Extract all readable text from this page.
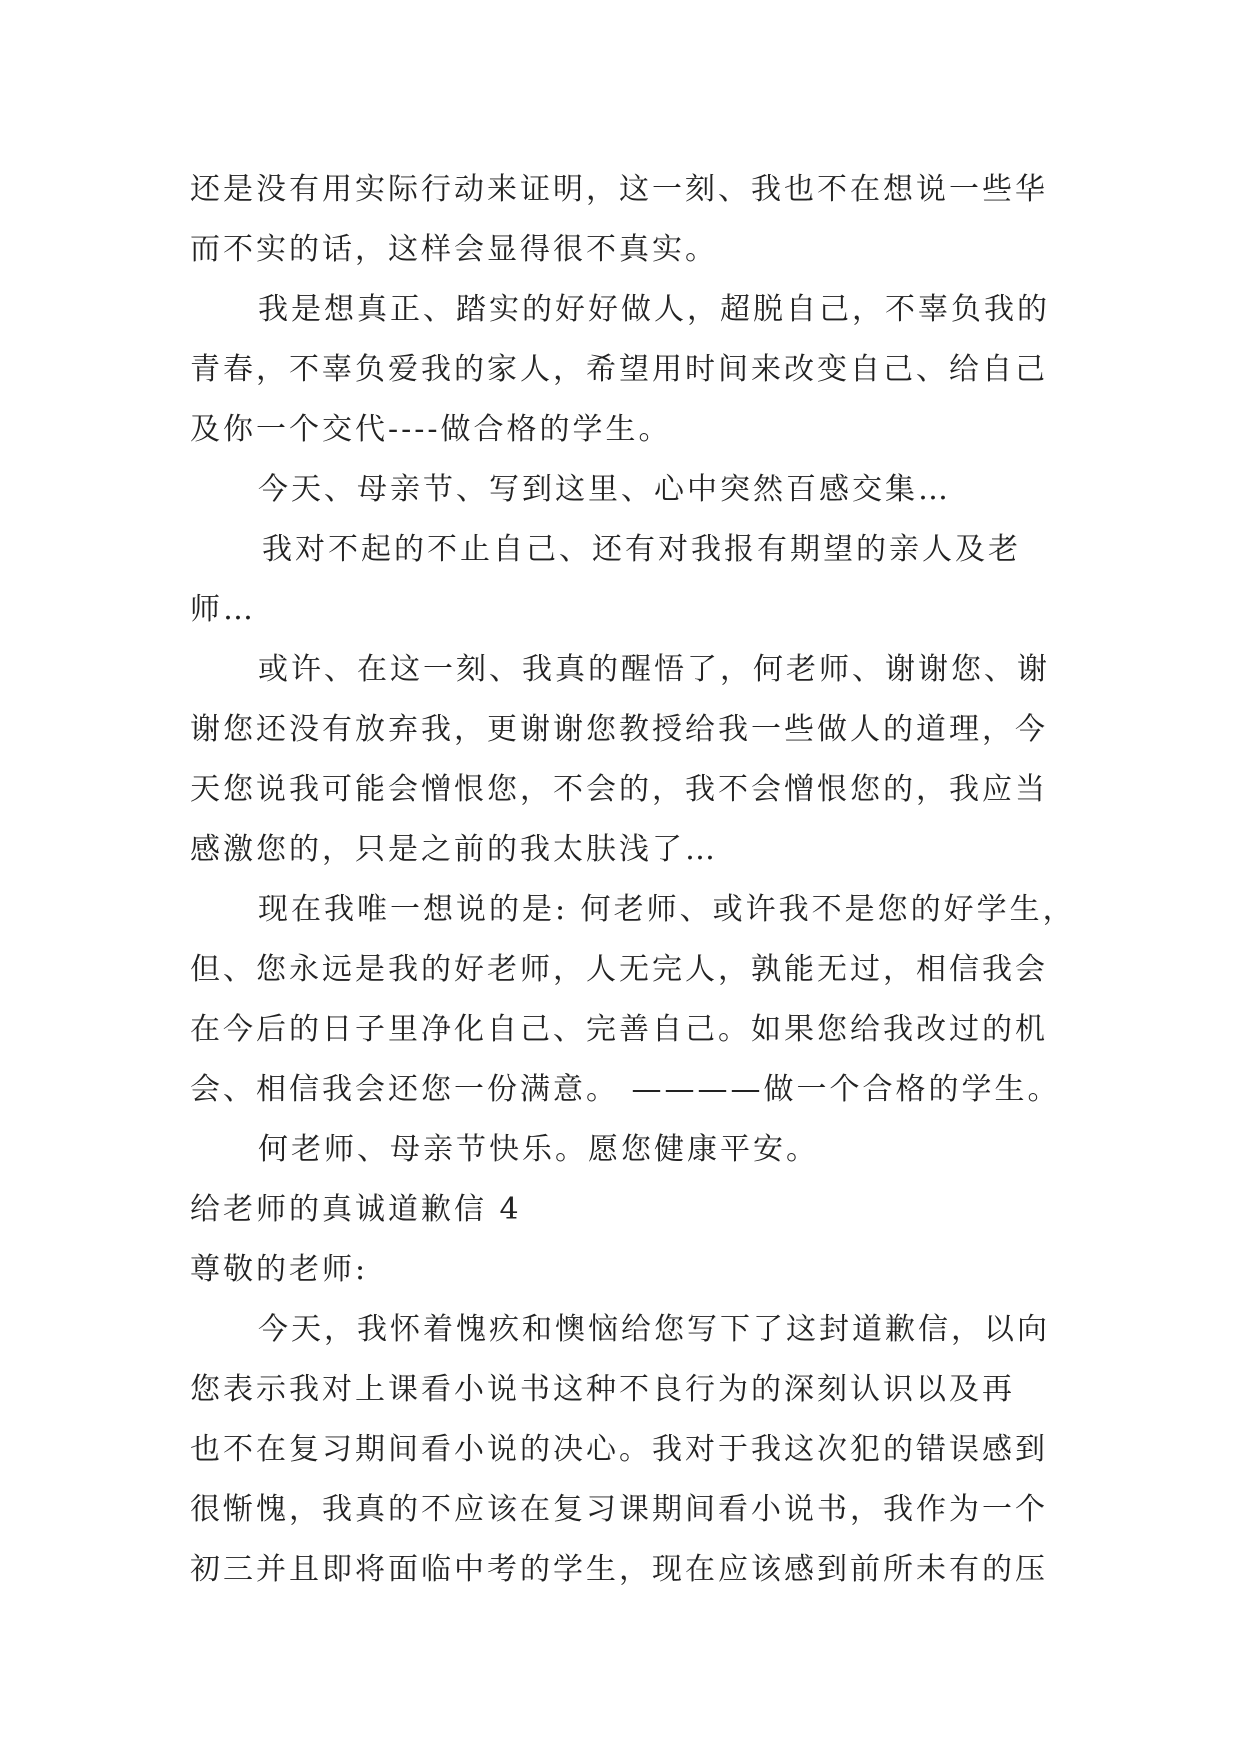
还是没有用实际行动来证明，这一刻、我也不在想说一些华
而不实的话，这样会显得很不真实。
我是想真正、踏实的好好做人，超脱自己，不辜负我的
青春，不辜负爱我的家人，希望用时间来改变自己、给自己
及你一个交代----做合格的学生。
今天、母亲节、写到这里、心中突然百感交集…
我对不起的不止自己、还有对我报有期望的亲人及老
师…
或许、在这一刻、我真的醒悟了，何老师、谢谢您、谢
谢您还没有放弃我，更谢谢您教授给我一些做人的道理，今
天您说我可能会憎恨您，不会的，我不会憎恨您的，我应当
感激您的，只是之前的我太肤浅了…
现在我唯一想说的是: 何老师、或许我不是您的好学生，
但、您永远是我的好老师，人无完人，孰能无过，相信我会
在今后的日子里净化自己、完善自己。如果您给我改过的机
会、相信我会还您一份满意。 ————做一个合格的学生。
何老师、母亲节快乐。愿您健康平安。
给老师的真诚道歉信 4
尊敬的老师:
今天，我怀着愧疚和懊恼给您写下了这封道歉信，以向
您表示我对上课看小说书这种不良行为的深刻认识以及再
也不在复习期间看小说的决心。我对于我这次犯的错误感到
很惭愧，我真的不应该在复习课期间看小说书，我作为一个
初三并且即将面临中考的学生，现在应该感到前所未有的压
